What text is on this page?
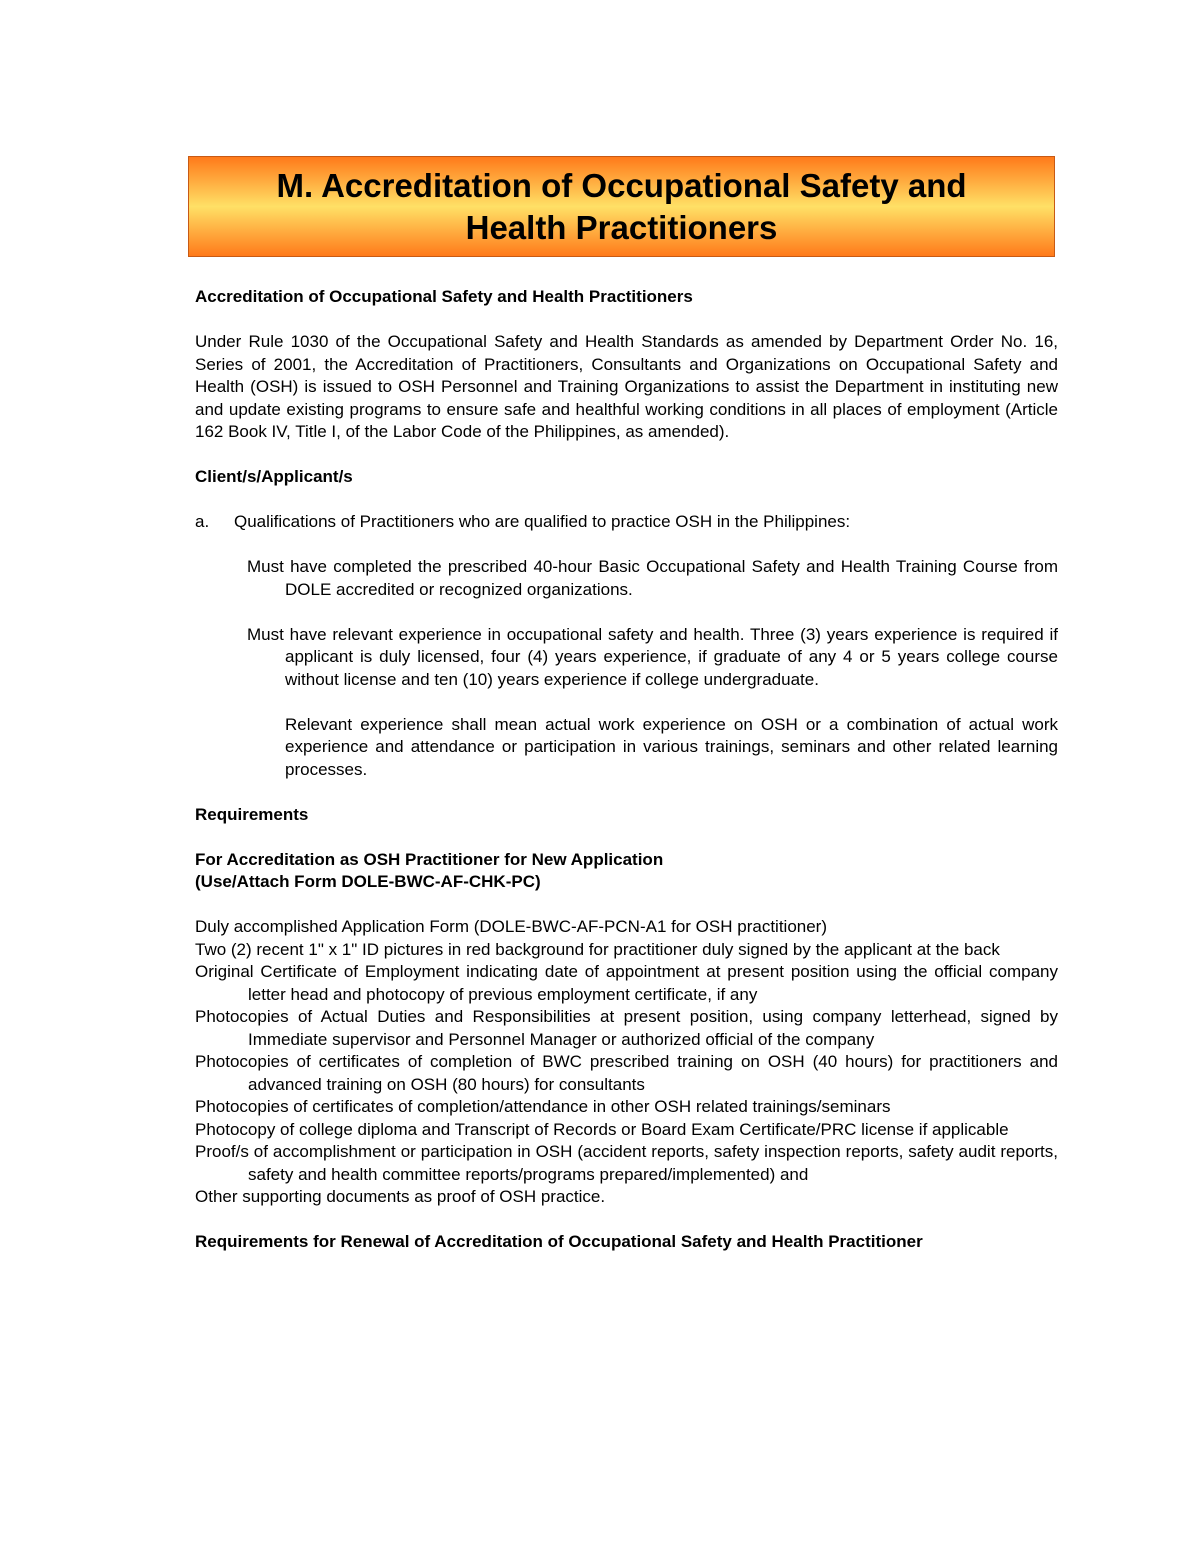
M. Accreditation of Occupational Safety and
Health Practitioners

Accreditation of Occupational Safety and Health Practitioners

Under Rule 1030 of the Occupational Safety and Health Standards as amended by Department Order No. 16, Series of 2001, the Accreditation of Practitioners, Consultants and Organizations on Occupational Safety and Health (OSH) is issued to OSH Personnel and Training Organizations to assist the Department in instituting new and update existing programs to ensure safe and healthful working conditions in all places of employment (Article 162 Book IV, Title I, of the Labor Code of the Philippines, as amended).

Client/s/Applicant/s

a.	Qualifications of Practitioners who are qualified to practice OSH in the Philippines:

Must have completed the prescribed 40-hour Basic Occupational Safety and Health Training Course from DOLE accredited or recognized organizations.

Must have relevant experience in occupational safety and health. Three (3) years experience is required if applicant is duly licensed, four (4) years experience, if graduate of any 4 or 5 years college course without license and ten (10) years experience if college undergraduate.

Relevant experience shall mean actual work experience on OSH or a combination of actual work experience and attendance or participation in various trainings, seminars and other related learning processes.

Requirements

For Accreditation as OSH Practitioner for New Application

(Use/Attach Form DOLE-BWC-AF-CHK-PC)

Duly accomplished Application Form (DOLE-BWC-AF-PCN-A1 for OSH practitioner)

Two (2) recent 1" x 1" ID pictures in red background for practitioner duly signed by the applicant at the back

Original Certificate of Employment indicating date of appointment at present position using the official company letter head and photocopy of previous employment certificate, if any

Photocopies of Actual Duties and Responsibilities at present position, using company letterhead, signed by Immediate supervisor and Personnel Manager or authorized official of the company

Photocopies of certificates of completion of BWC prescribed training on OSH (40 hours) for practitioners and advanced training on OSH (80 hours) for consultants

Photocopies of certificates of completion/attendance in other OSH related trainings/seminars

Photocopy of college diploma and Transcript of Records or Board Exam Certificate/PRC license if applicable

Proof/s of accomplishment or participation in OSH (accident reports, safety inspection reports, safety audit reports, safety and health committee reports/programs prepared/implemented) and

Other supporting documents as proof of OSH practice.

Requirements for Renewal of Accreditation of Occupational Safety and Health Practitioner
